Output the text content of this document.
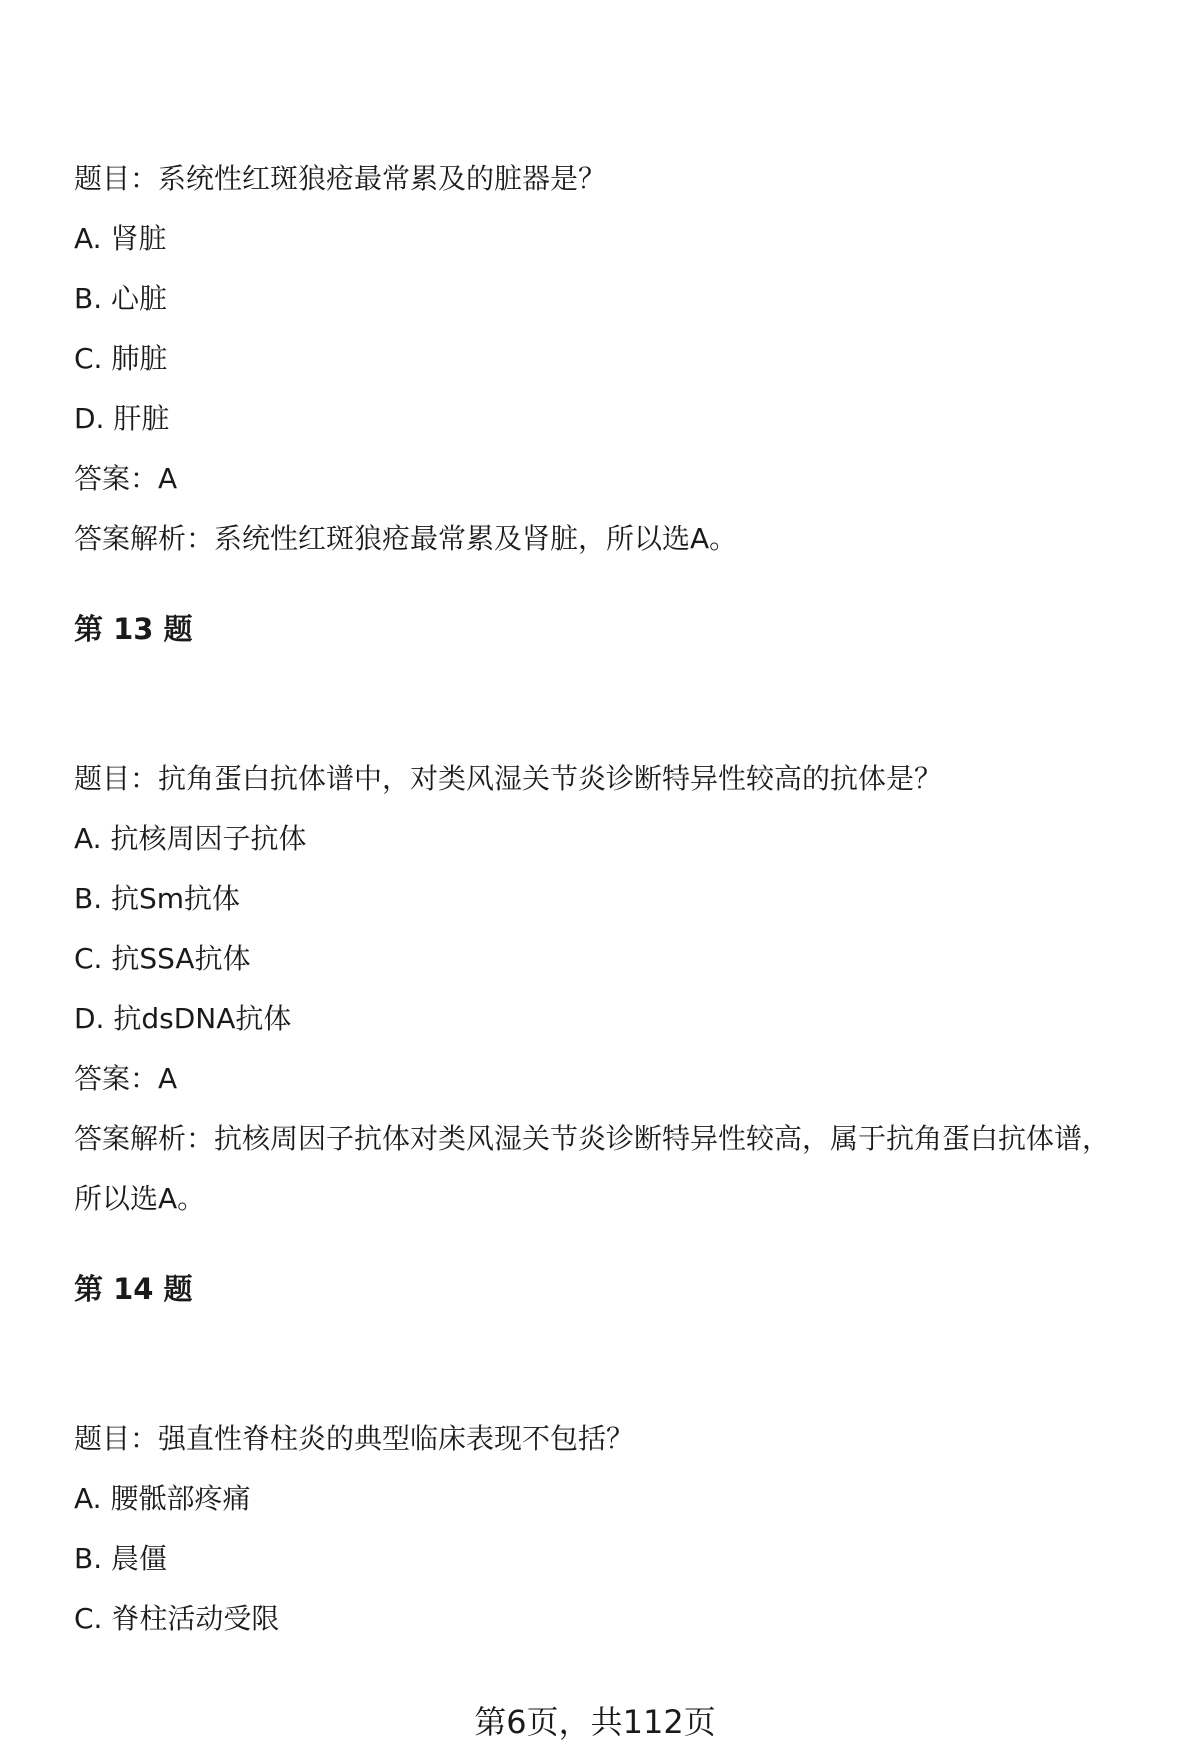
题目：系统性红斑狼疮最常累及的脏器是？
A. 肾脏
B. 心脏
C. 肺脏
D. 肝脏
答案：A
答案解析：系统性红斑狼疮最常累及肾脏，所以选A。
第 13 题
题目：抗角蛋白抗体谱中，对类风湿关节炎诊断特异性较高的抗体是？
A. 抗核周因子抗体
B. 抗Sm抗体
C. 抗SSA抗体
D. 抗dsDNA抗体
答案：A
答案解析：抗核周因子抗体对类风湿关节炎诊断特异性较高，属于抗角蛋白抗体谱，所以选A。
第 14 题
题目：强直性脊柱炎的典型临床表现不包括？
A. 腰骶部疼痛
B. 晨僵
C. 脊柱活动受限
第6页，共112页
